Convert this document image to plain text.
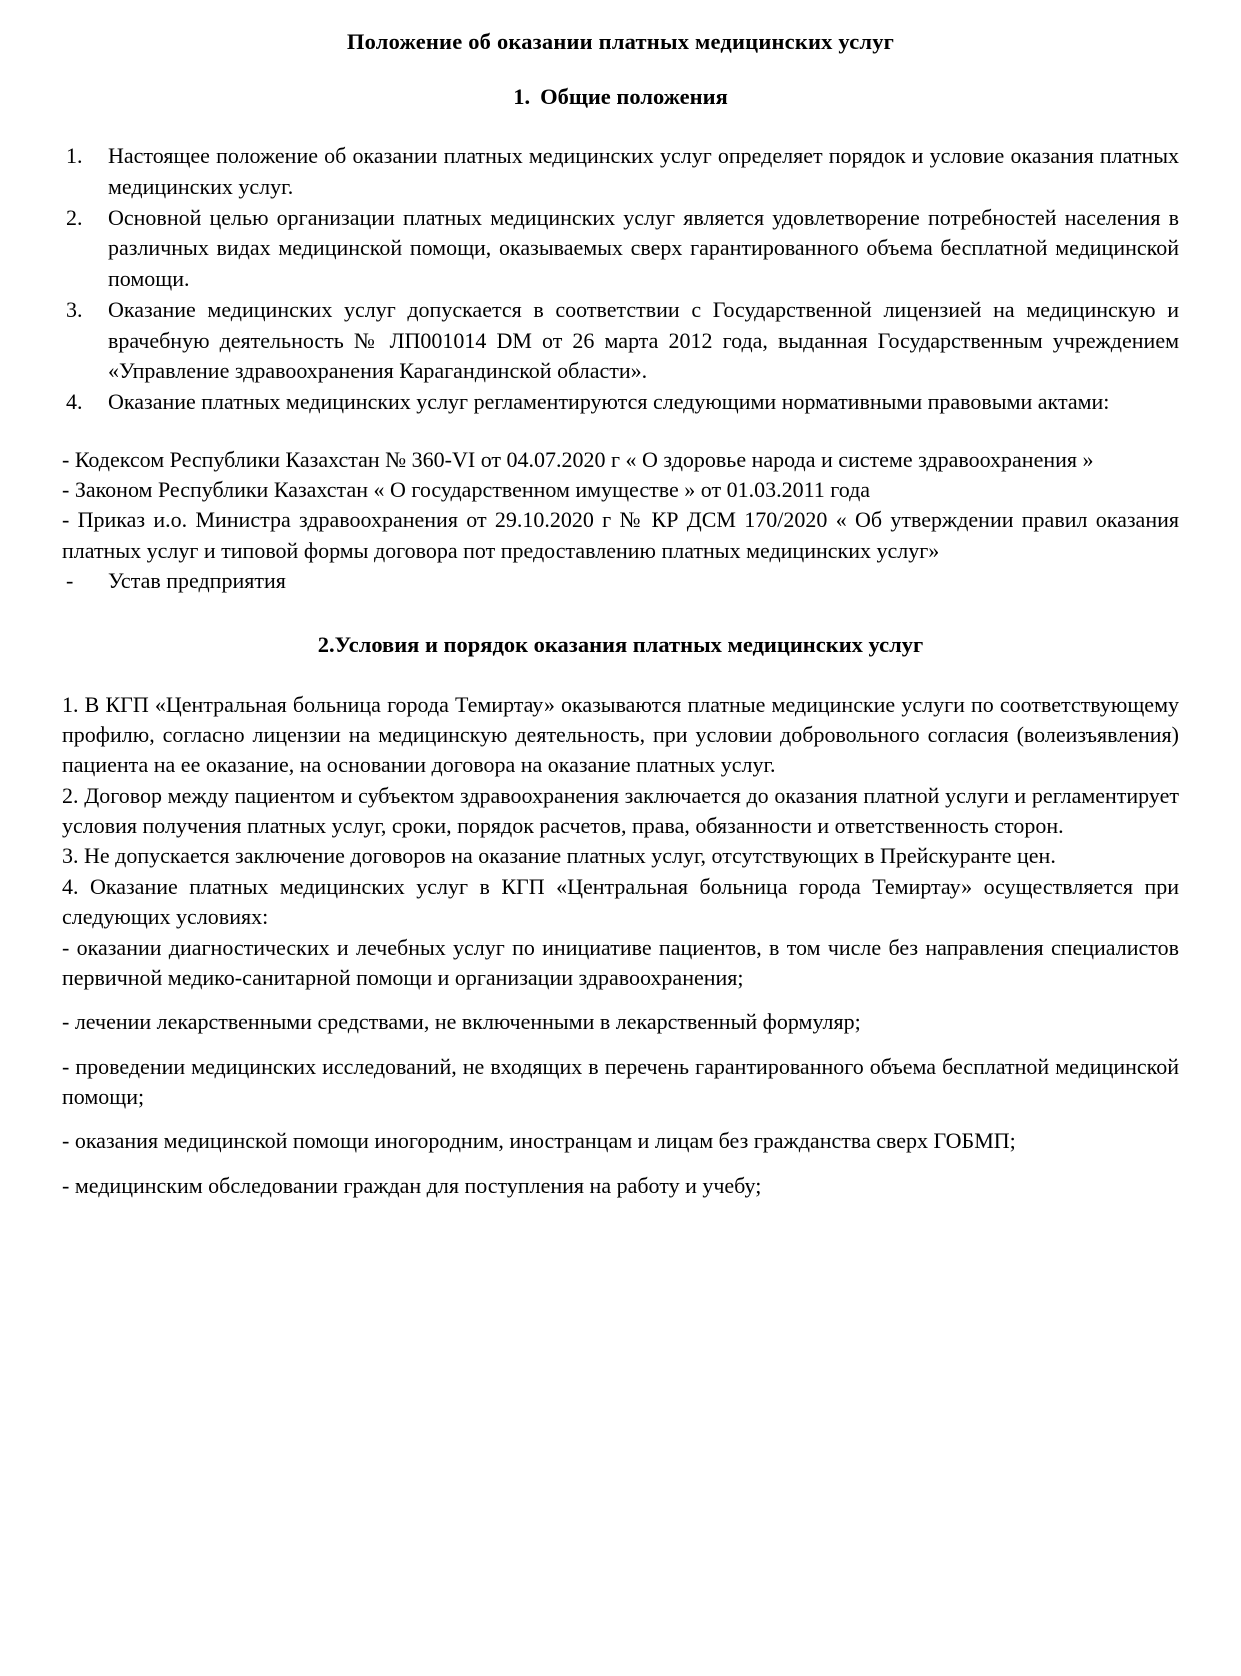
Положение об оказании платных медицинских услуг
1. Общие положения
1.	Настоящее положение об оказании платных медицинских услуг определяет порядок и условие оказания платных медицинских услуг.
2.	Основной целью организации платных медицинских услуг является удовлетворение потребностей населения в различных видах медицинской помощи, оказываемых сверх гарантированного объема бесплатной медицинской помощи.
3.	Оказание медицинских услуг допускается в соответствии с Государственной лицензией на медицинскую и врачебную деятельность № ЛП001014 DM от 26 марта 2012 года, выданная Государственным учреждением «Управление здравоохранения Карагандинской области».
4.	Оказание платных медицинских услуг регламентируются следующими нормативными правовыми актами:

- Кодексом Республики Казахстан № 360-VI от 04.07.2020 г « О здоровье народа и системе здравоохранения »

- Законом Республики Казахстан « О государственном имуществе » от 01.03.2011 года

- Приказ и.о. Министра здравоохранения от 29.10.2020 г № КР ДСМ 170/2020 « Об утверждении правил оказания платных услуг и типовой формы договора пот предоставлению платных медицинских услуг»

- Устав предприятия

2.Условия и порядок оказания платных медицинских услуг

1. В КГП «Центральная больница города Темиртау» оказываются платные медицинские услуги по соответствующему профилю, согласно лицензии на медицинскую деятельность, при условии добровольного согласия (волеизъявления) пациента на ее оказание, на основании договора на оказание платных услуг.

2. Договор между пациентом и субъектом здравоохранения заключается до оказания платной услуги и регламентирует условия получения платных услуг, сроки, порядок расчетов, права, обязанности и ответственность сторон.

3. Не допускается заключение договоров на оказание платных услуг, отсутствующих в Прейскуранте цен.

4. Оказание платных медицинских услуг в КГП «Центральная больница города Темиртау» осуществляется при следующих условиях:

- оказании диагностических и лечебных услуг по инициативе пациентов, в том числе без направления специалистов первичной медико-санитарной помощи и организации здравоохранения;

- лечении лекарственными средствами, не включенными в лекарственный формуляр;

- проведении медицинских исследований, не входящих в перечень гарантированного объема бесплатной медицинской помощи;

- оказания медицинской помощи иногородним, иностранцам и лицам без гражданства сверх ГОБМП;

- медицинским обследовании граждан для поступления на работу и учебу;
